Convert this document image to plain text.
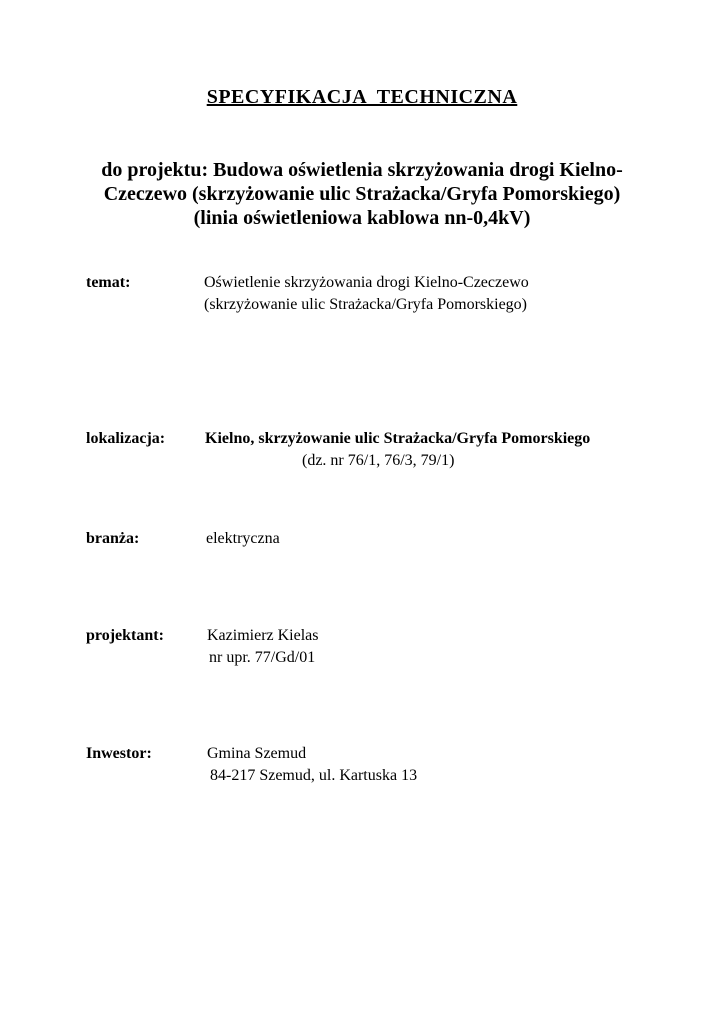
SPECYFIKACJA  TECHNICZNA
do projektu: Budowa oświetlenia skrzyżowania drogi Kielno-
Czeczewo (skrzyżowanie ulic Strażacka/Gryfa Pomorskiego)
(linia oświetleniowa kablowa nn-0,4kV)
temat:	Oświetlenie skrzyżowania drogi Kielno-Czeczewo
(skrzyżowanie ulic Strażacka/Gryfa Pomorskiego)
lokalizacja: Kielno, skrzyżowanie ulic Strażacka/Gryfa Pomorskiego
(dz. nr 76/1, 76/3, 79/1)
branża:	elektryczna
projektant:	Kazimierz Kielas
nr upr. 77/Gd/01
Inwestor:	Gmina Szemud
84-217 Szemud, ul. Kartuska 13
